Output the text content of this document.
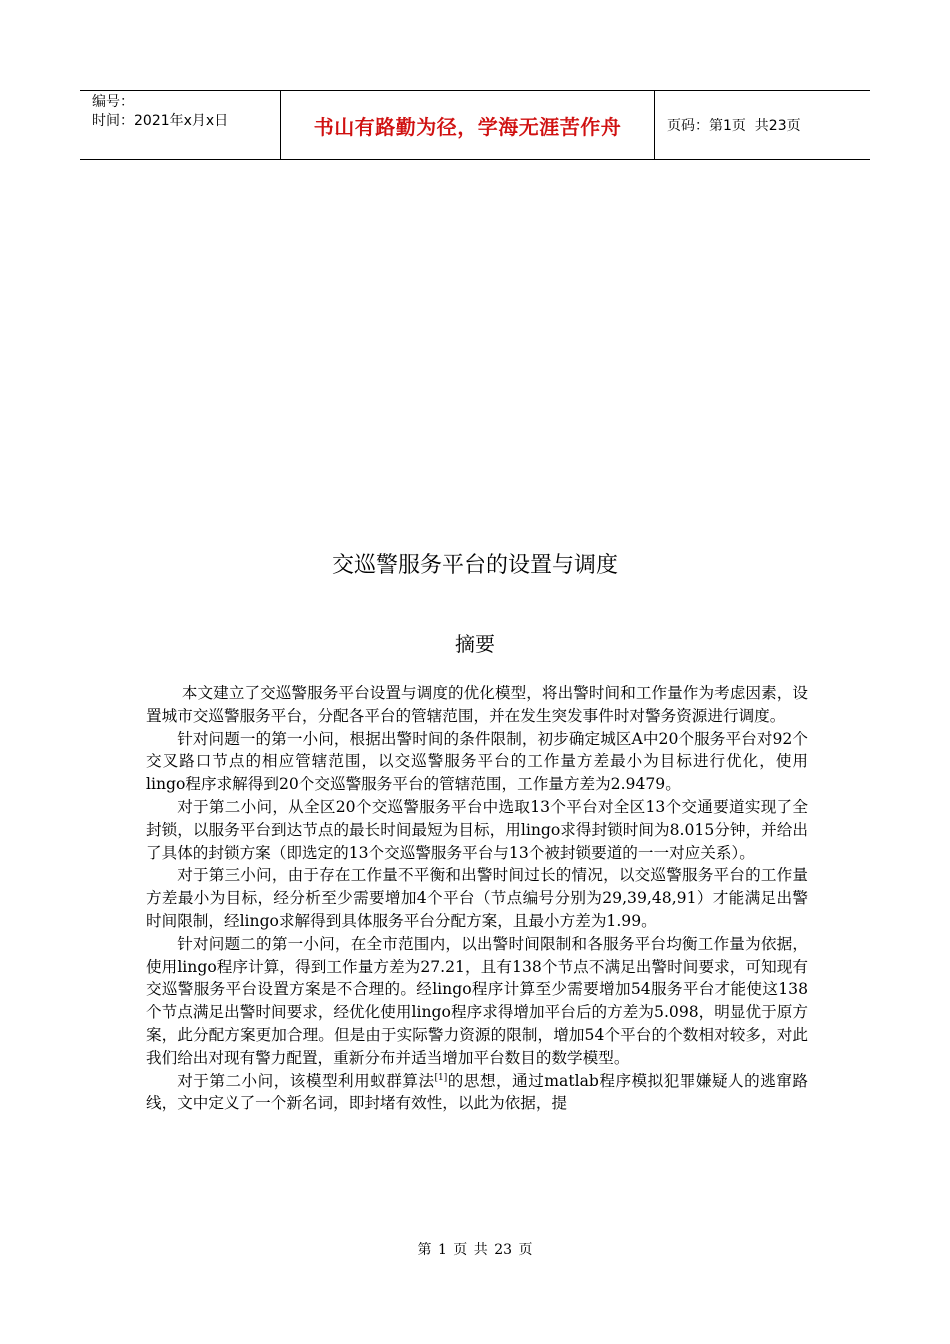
编号：
时间：2021年x月x日	书山有路勤为径，学海无涯苦作舟	页码：第1页  共23页
交巡警服务平台的设置与调度
摘要

本文建立了交巡警服务平台设置与调度的优化模型，将出警时间和工作量作为考虑因素，设置城市交巡警服务平台，分配各平台的管辖范围，并在发生突发事件时对警务资源进行调度。

针对问题一的第一小问，根据出警时间的条件限制，初步确定城区A中20个服务平台对92个交叉路口节点的相应管辖范围，以交巡警服务平台的工作量方差最小为目标进行优化，使用lingo程序求解得到20个交巡警服务平台的管辖范围，工作量方差为2.9479。

对于第二小问，从全区20个交巡警服务平台中选取13个平台对全区13个交通要道实现了全封锁，以服务平台到达节点的最长时间最短为目标，用lingo求得封锁时间为8.015分钟，并给出了具体的封锁方案（即选定的13个交巡警服务平台与13个被封锁要道的一一对应关系）。

对于第三小问，由于存在工作量不平衡和出警时间过长的情况，以交巡警服务平台的工作量方差最小为目标，经分析至少需要增加4个平台（节点编号分别为29,39,48,91）才能满足出警时间限制，经lingo求解得到具体服务平台分配方案，且最小方差为1.99。

针对问题二的第一小问，在全市范围内，以出警时间限制和各服务平台均衡工作量为依据，使用lingo程序计算，得到工作量方差为27.21，且有138个节点不满足出警时间要求，可知现有交巡警服务平台设置方案是不合理的。经lingo程序计算至少需要增加54服务平台才能使这138个节点满足出警时间要求，经优化使用lingo程序求得增加平台后的方差为5.098，明显优于原方案，此分配方案更加合理。但是由于实际警力资源的限制，增加54个平台的个数相对较多，对此我们给出对现有警力配置，重新分布并适当增加平台数目的数学模型。

对于第二小问，该模型利用蚁群算法[1]的思想，通过matlab程序模拟犯罪嫌疑人的逃窜路线，文中定义了一个新名词，即封堵有效性，以此为依据，提

第 1 页 共 23 页
